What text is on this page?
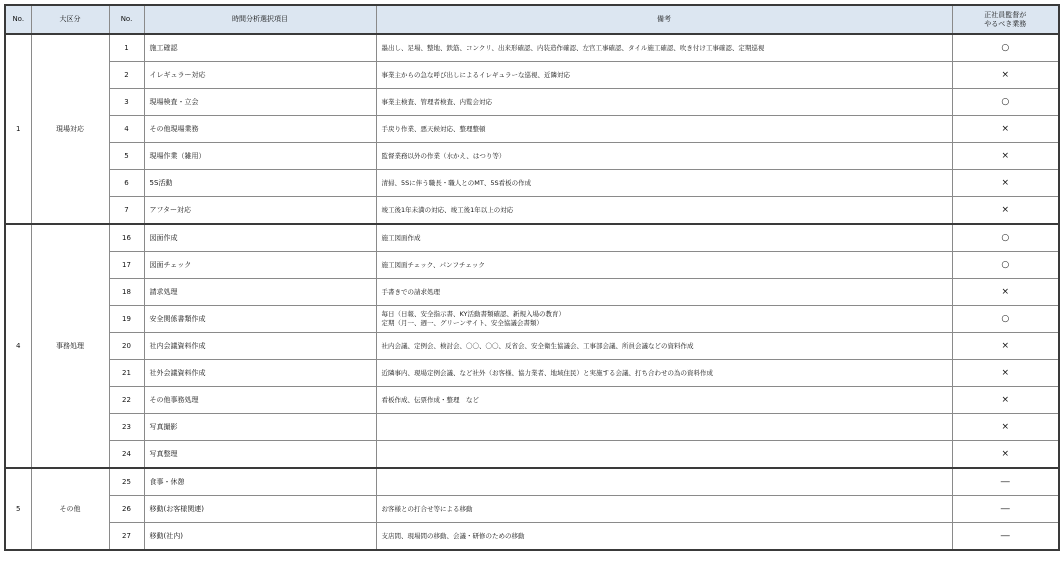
No.	大区分	No.	時間分析選択項目	備考	正社員監督が
やるべき業務

1	現場対応	1	施工確認	墨出し、足場、整地、鉄筋、コンクリ、出来形確認、内装造作確認、左官工事確認、タイル施工確認、吹き付け工事確認、定期巡視	○
		2	イレギュラー対応	事業主からの急な呼び出しによるイレギュラーな巡視、近隣対応	×
		3	現場検査・立会	事業主検査、管理者検査、内覧会対応	○
		4	その他現場業務	手戻り作業、悪天候対応、整理整頓	×
		5	現場作業（雑用）	監督業務以外の作業（水かえ、はつり等）	×
		6	5S活動	清掃、5Sに伴う職長・職人とのMT、5S看板の作成	×
		7	アフター対応	竣工後1年未満の対応、竣工後1年以上の対応	×
4	事務処理	16	図面作成	施工図面作成	○
		17	図面チェック	施工図面チェック、パンフチェック	○
		18	請求処理	手書きでの請求処理	×
		19	安全関係書類作成	毎日（日報、安全指示書、KY活動書類確認、新規入場の教育）
定期（月一、週一、グリーンサイト、安全協議会書類）	○
		20	社内会議資料作成	社内会議、定例会、検討会、〇〇、〇〇、反省会、安全衛生協議会、工事部会議、所員会議などの資料作成	×
		21	社外会議資料作成	近隣事内、現場定例会議、など社外（お客様、協力業者、地域住民）と実施する会議、打ち合わせの為の資料作成	×
		22	その他事務処理	看板作成、伝票作成・整理　など	×
		23	写真撮影		×
		24	写真整理		×
5	その他	25	食事・休憩		―
		26	移動(お客様関連)	お客様との打合せ等による移動	―
		27	移動(社内)	支店間、現場間の移動、会議・研修のための移動	―
